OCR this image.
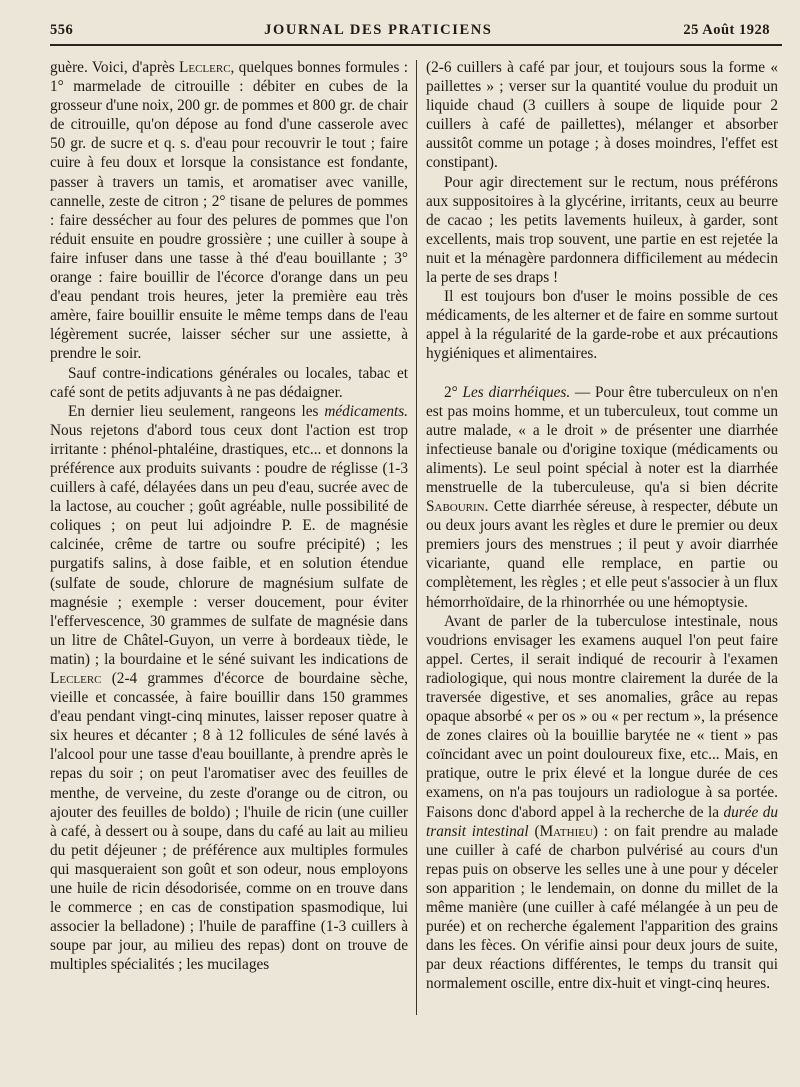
556	JOURNAL DES PRATICIENS	25 Août 1928

guère. Voici, d'après Leclerc, quelques bonnes formules : 1° marmelade de citrouille : débiter en cubes de la grosseur d'une noix, 200 gr. de pommes et 800 gr. de chair de citrouille, qu'on dépose au fond d'une casserole avec 50 gr. de sucre et q. s. d'eau pour recouvrir le tout ; faire cuire à feu doux et lorsque la consistance est fondante, passer à travers un tamis, et aromatiser avec vanille, cannelle, zeste de citron ; 2° tisane de pelures de pommes : faire dessécher au four des pelures de pommes que l'on réduit ensuite en poudre grossière ; une cuiller à soupe à faire infuser dans une tasse à thé d'eau bouillante ; 3° orange : faire bouillir de l'écorce d'orange dans un peu d'eau pendant trois heures, jeter la première eau très amère, faire bouillir ensuite le même temps dans de l'eau légèrement sucrée, laisser sécher sur une assiette, à prendre le soir.

Sauf contre-indications générales ou locales, tabac et café sont de petits adjuvants à ne pas dédaigner.

En dernier lieu seulement, rangeons les médicaments. Nous rejetons d'abord tous ceux dont l'action est trop irritante : phénol-phtaléine, drastiques, etc... et donnons la préférence aux produits suivants : poudre de réglisse (1-3 cuillers à café, délayées dans un peu d'eau, sucrée avec de la lactose, au coucher ; goût agréable, nulle possibilité de coliques ; on peut lui adjoindre P. E. de magnésie calcinée, crême de tartre ou soufre précipité) ; les purgatifs salins, à dose faible, et en solution étendue (sulfate de soude, chlorure de magnésium sulfate de magnésie ; exemple : verser doucement, pour éviter l'effervescence, 30 grammes de sulfate de magnésie dans un litre de Châtel-Guyon, un verre à bordeaux tiède, le matin) ; la bourdaine et le séné suivant les indications de Leclerc (2-4 grammes d'écorce de bourdaine sèche, vieille et concassée, à faire bouillir dans 150 grammes d'eau pendant vingt-cinq minutes, laisser reposer quatre à six heures et décanter ; 8 à 12 follicules de séné lavés à l'alcool pour une tasse d'eau bouillante, à prendre après le repas du soir ; on peut l'aromatiser avec des feuilles de menthe, de verveine, du zeste d'orange ou de citron, ou ajouter des feuilles de boldo) ; l'huile de ricin (une cuiller à café, à dessert ou à soupe, dans du café au lait au milieu du petit déjeuner ; de préférence aux multiples formules qui masqueraient son goût et son odeur, nous employons une huile de ricin désodorisée, comme on en trouve dans le commerce ; en cas de constipation spasmodique, lui associer la belladone) ; l'huile de paraffine (1-3 cuillers à soupe par jour, au milieu des repas) dont on trouve de multiples spécialités ; les mucilages

(2-6 cuillers à café par jour, et toujours sous la forme « paillettes » ; verser sur la quantité voulue du produit un liquide chaud (3 cuillers à soupe de liquide pour 2 cuillers à café de paillettes), mélanger et absorber aussitôt comme un potage ; à doses moindres, l'effet est constipant).

Pour agir directement sur le rectum, nous préférons aux suppositoires à la glycérine, irritants, ceux au beurre de cacao ; les petits lavements huileux, à garder, sont excellents, mais trop souvent, une partie en est rejetée la nuit et la ménagère pardonnera difficilement au médecin la perte de ses draps !

Il est toujours bon d'user le moins possible de ces médicaments, de les alterner et de faire en somme surtout appel à la régularité de la garde-robe et aux précautions hygiéniques et alimentaires.

2° Les diarrhéiques. — Pour être tuberculeux on n'en est pas moins homme, et un tuberculeux, tout comme un autre malade, « a le droit » de présenter une diarrhée infectieuse banale ou d'origine toxique (médicaments ou aliments). Le seul point spécial à noter est la diarrhée menstruelle de la tuberculeuse, qu'a si bien décrite Sabourin. Cette diarrhée séreuse, à respecter, débute un ou deux jours avant les règles et dure le premier ou deux premiers jours des menstrues ; il peut y avoir diarrhée vicariante, quand elle remplace, en partie ou complètement, les règles ; et elle peut s'associer à un flux hémorrhoïdaire, de la rhinorrhée ou une hémoptysie.

Avant de parler de la tuberculose intestinale, nous voudrions envisager les examens auquel l'on peut faire appel. Certes, il serait indiqué de recourir à l'examen radiologique, qui nous montre clairement la durée de la traversée digestive, et ses anomalies, grâce au repas opaque absorbé « per os » ou « per rectum », la présence de zones claires où la bouillie barytée ne « tient » pas coïncidant avec un point douloureux fixe, etc... Mais, en pratique, outre le prix élevé et la longue durée de ces examens, on n'a pas toujours un radiologue à sa portée. Faisons donc d'abord appel à la recherche de la durée du transit intestinal (Mathieu) : on fait prendre au malade une cuiller à café de charbon pulvérisé au cours d'un repas puis on observe les selles une à une pour y déceler son apparition ; le lendemain, on donne du millet de la même manière (une cuiller à café mélangée à un peu de purée) et on recherche également l'apparition des grains dans les fèces. On vérifie ainsi pour deux jours de suite, par deux réactions différentes, le temps du transit qui normalement oscille, entre dix-huit et vingt-cinq heures.
